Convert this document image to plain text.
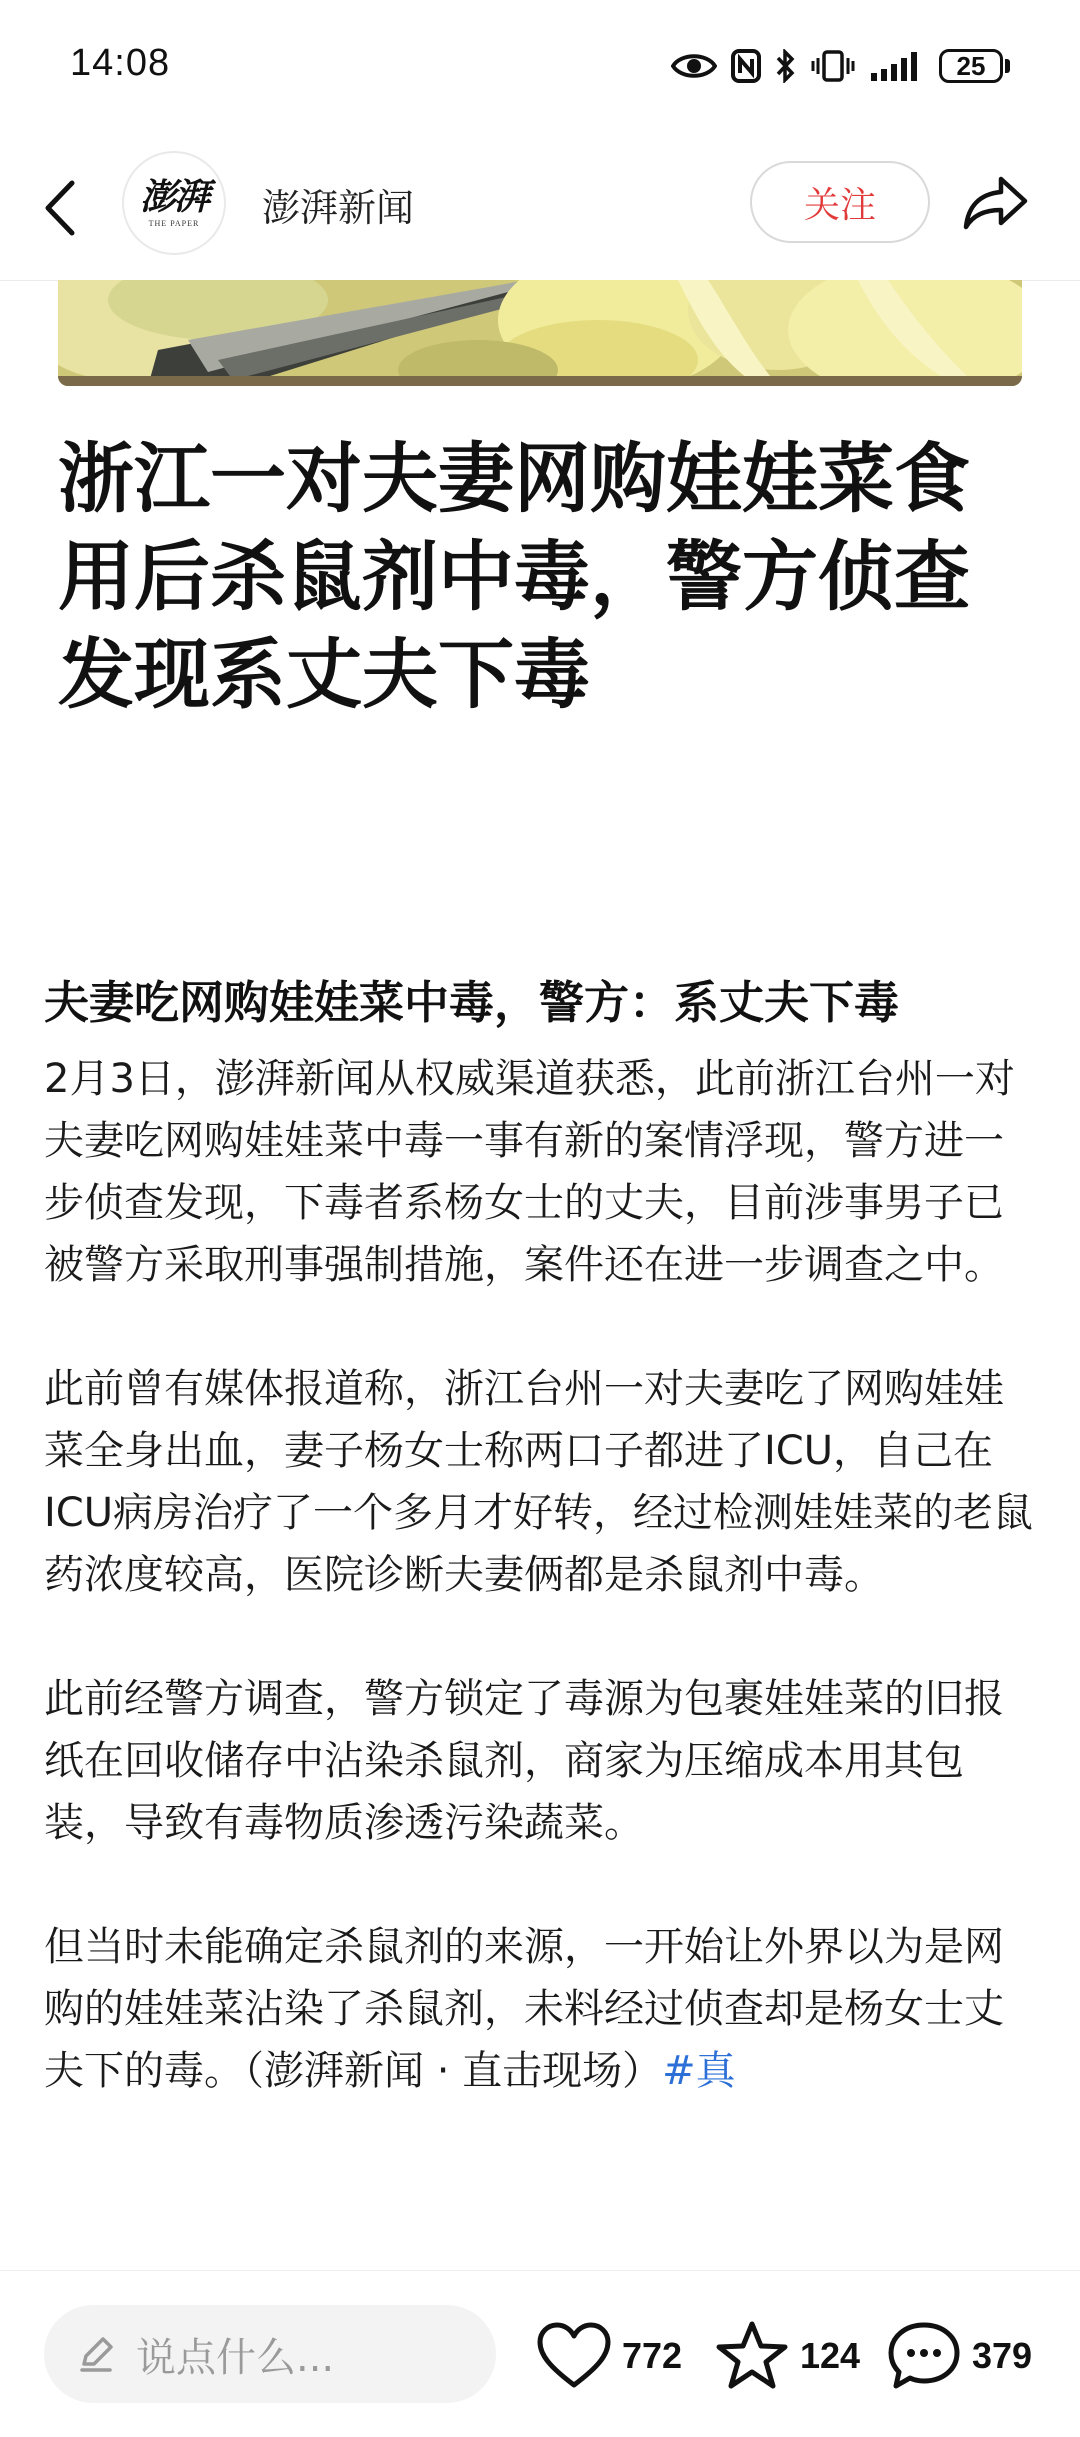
14:08	25
澎湃
THE PAPER 澎湃新闻	关注
浙江一对夫妻网购娃娃菜食用后杀鼠剂中毒，警方侦查发现系丈夫下毒
夫妻吃网购娃娃菜中毒，警方：系丈夫下毒

2月3日，澎湃新闻从权威渠道获悉，此前浙江台州一对夫妻吃网购娃娃菜中毒一事有新的案情浮现，警方进一步侦查发现，下毒者系杨女士的丈夫，目前涉事男子已被警方采取刑事强制措施，案件还在进一步调查之中。

此前曾有媒体报道称，浙江台州一对夫妻吃了网购娃娃菜全身出血，妻子杨女士称两口子都进了ICU，自己在ICU病房治疗了一个多月才好转，经过检测娃娃菜的老鼠药浓度较高，医院诊断夫妻俩都是杀鼠剂中毒。

此前经警方调查，警方锁定了毒源为包裹娃娃菜的旧报纸在回收储存中沾染杀鼠剂，商家为压缩成本用其包装，导致有毒物质渗透污染蔬菜。

但当时未能确定杀鼠剂的来源，一开始让外界以为是网购的娃娃菜沾染了杀鼠剂，未料经过侦查却是杨女士丈夫下的毒。（澎湃新闻 · 直击现场）#真

说点什么...	772	124	379
